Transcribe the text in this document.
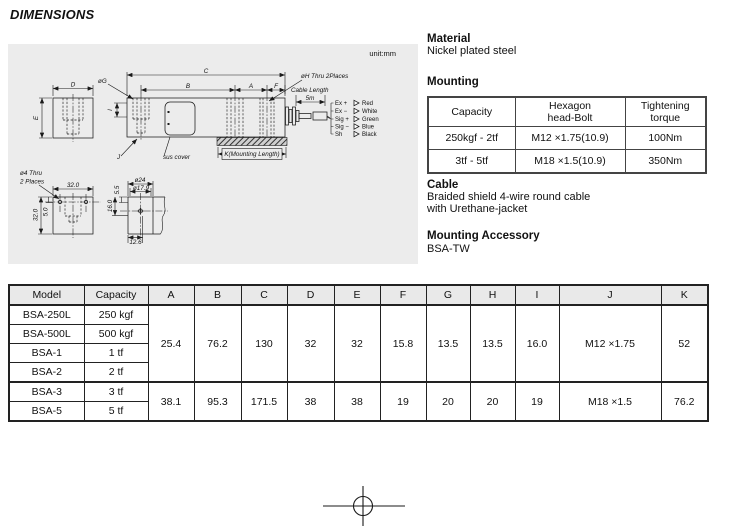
DIMENSIONS
unit:mm
D
E
C
B	A	F
I
øG
øH Thru 2Places
J	sus cover	K(Mounting Length)
Cable Length
5m
Ex + Red
Ex − White
Sig + Green
Sig − Blue
Sh	Black
32.0
32.0 5.0
ø4 Thru
2 Places	ø24
ø17.9
5.5
16.0
12.6
Material
Nickel plated steel
Mounting
Capacity	Hexagon
head-Bolt

Tightening
torque

250kgf - 2tf	M12 ×1.75(10.9)	100Nm
3tf - 5tf	M18 ×1.5(10.9)	350Nm
Cable
Braided shield 4-wire round cable
with Urethane-jacket
Mounting Accessory
BSA-TW
Model	Capacity	A	B	C	D	E	F	G	H	I	J	K
BSA-250L	250 kgf	25.4	76.2	130	32	32	15.8	13.5	13.5	16.0	M12 ×1.75	52
BSA-500L	500 kgf											
BSA-1	1 tf											
BSA-2	2 tf											
BSA-3	3 tf	38.1	95.3	171.5	38	38	19	20	20	19	M18 ×1.5	76.2
BSA-5	5 tf											
